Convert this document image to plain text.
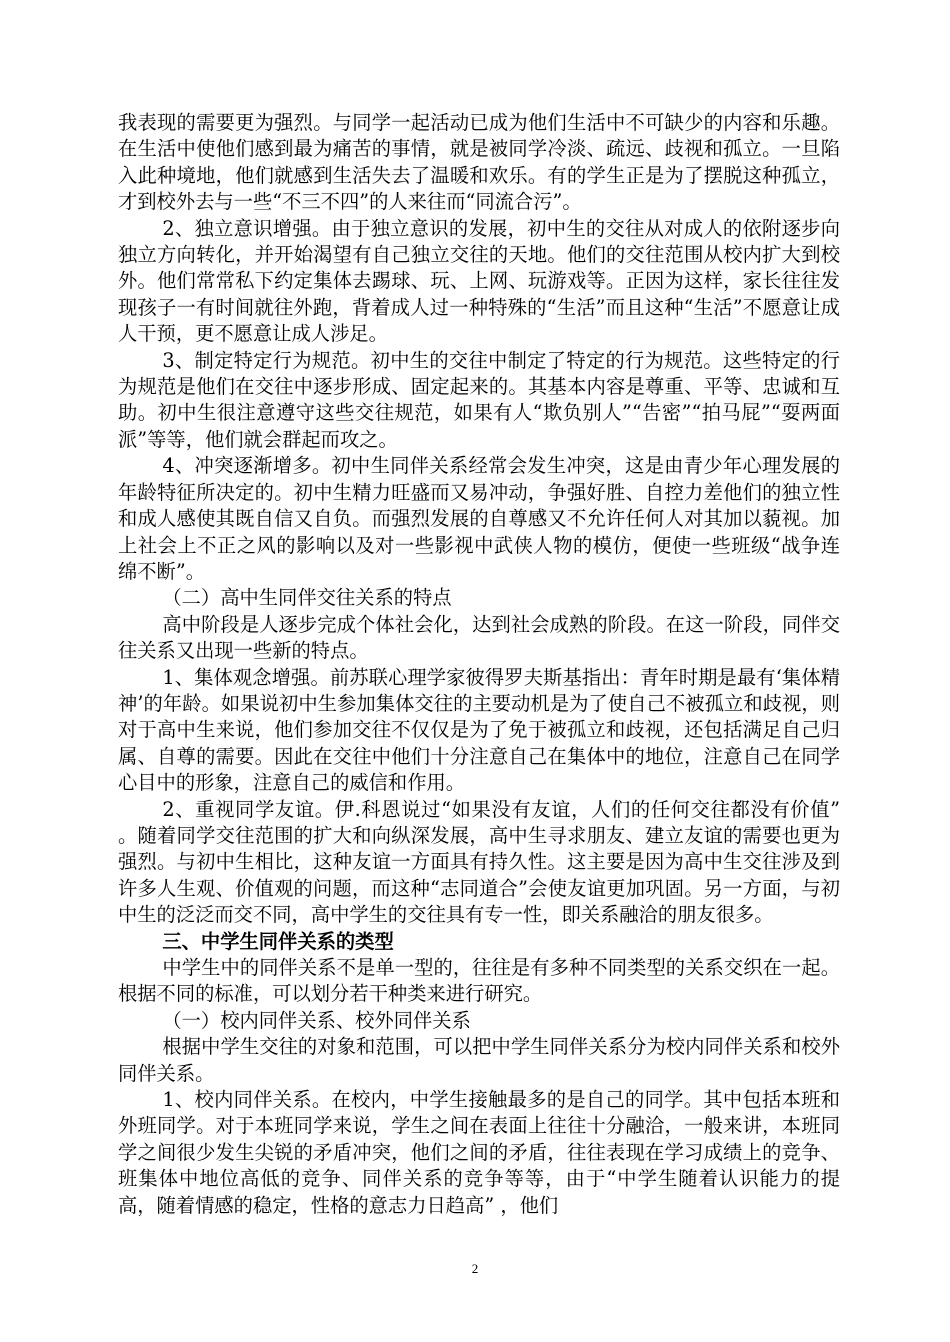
我表现的需要更为强烈。与同学一起活动已成为他们生活中不可缺少的内容和乐趣。在生活中使他们感到最为痛苦的事情，就是被同学冷淡、疏远、歧视和孤立。一旦陷入此种境地，他们就感到生活失去了温暖和欢乐。有的学生正是为了摆脱这种孤立，才到校外去与一些“不三不四”的人来往而“同流合污”。

2、独立意识增强。由于独立意识的发展，初中生的交往从对成人的依附逐步向独立方向转化，并开始渴望有自己独立交往的天地。他们的交往范围从校内扩大到校外。他们常常私下约定集体去踢球、玩、上网、玩游戏等。正因为这样，家长往往发现孩子一有时间就往外跑，背着成人过一种特殊的“生活”而且这种“生活”不愿意让成人干预，更不愿意让成人涉足。

3、制定特定行为规范。初中生的交往中制定了特定的行为规范。这些特定的行为规范是他们在交往中逐步形成、固定起来的。其基本内容是尊重、平等、忠诚和互助。初中生很注意遵守这些交往规范，如果有人“欺负别人”“告密”“拍马屁”“耍两面派”等等，他们就会群起而攻之。

4、冲突逐渐增多。初中生同伴关系经常会发生冲突，这是由青少年心理发展的年龄特征所决定的。初中生精力旺盛而又易冲动，争强好胜、自控力差他们的独立性和成人感使其既自信又自负。而强烈发展的自尊感又不允许任何人对其加以藐视。加上社会上不正之风的影响以及对一些影视中武侠人物的模仿，便使一些班级“战争连绵不断”。

（二）高中生同伴交往关系的特点

高中阶段是人逐步完成个体社会化，达到社会成熟的阶段。在这一阶段，同伴交往关系又出现一些新的特点。

1、集体观念增强。前苏联心理学家彼得罗夫斯基指出：青年时期是最有‘集体精神’的年龄。如果说初中生参加集体交往的主要动机是为了使自己不被孤立和歧视，则对于高中生来说，他们参加交往不仅仅是为了免于被孤立和歧视，还包括满足自己归属、自尊的需要。因此在交往中他们十分注意自己在集体中的地位，注意自己在同学心目中的形象，注意自己的威信和作用。

2、重视同学友谊。伊.科恩说过“如果没有友谊，人们的任何交往都没有价值” 。随着同学交往范围的扩大和向纵深发展，高中生寻求朋友、建立友谊的需要也更为强烈。与初中生相比，这种友谊一方面具有持久性。这主要是因为高中生交往涉及到许多人生观、价值观的问题，而这种“志同道合”会使友谊更加巩固。另一方面，与初中生的泛泛而交不同，高中学生的交往具有专一性，即关系融洽的朋友很多。

三、中学生同伴关系的类型

中学生中的同伴关系不是单一型的，往往是有多种不同类型的关系交织在一起。根据不同的标准，可以划分若干种类来进行研究。

（一）校内同伴关系、校外同伴关系

根据中学生交往的对象和范围，可以把中学生同伴关系分为校内同伴关系和校外同伴关系。

1、校内同伴关系。在校内，中学生接触最多的是自己的同学。其中包括本班和外班同学。对于本班同学来说，学生之间在表面上往往十分融洽，一般来讲，本班同学之间很少发生尖锐的矛盾冲突，他们之间的矛盾，往往表现在学习成绩上的竞争、班集体中地位高低的竞争、同伴关系的竞争等等，由于“中学生随着认识能力的提高，随着情感的稳定，性格的意志力日趋高” ，他们

2
